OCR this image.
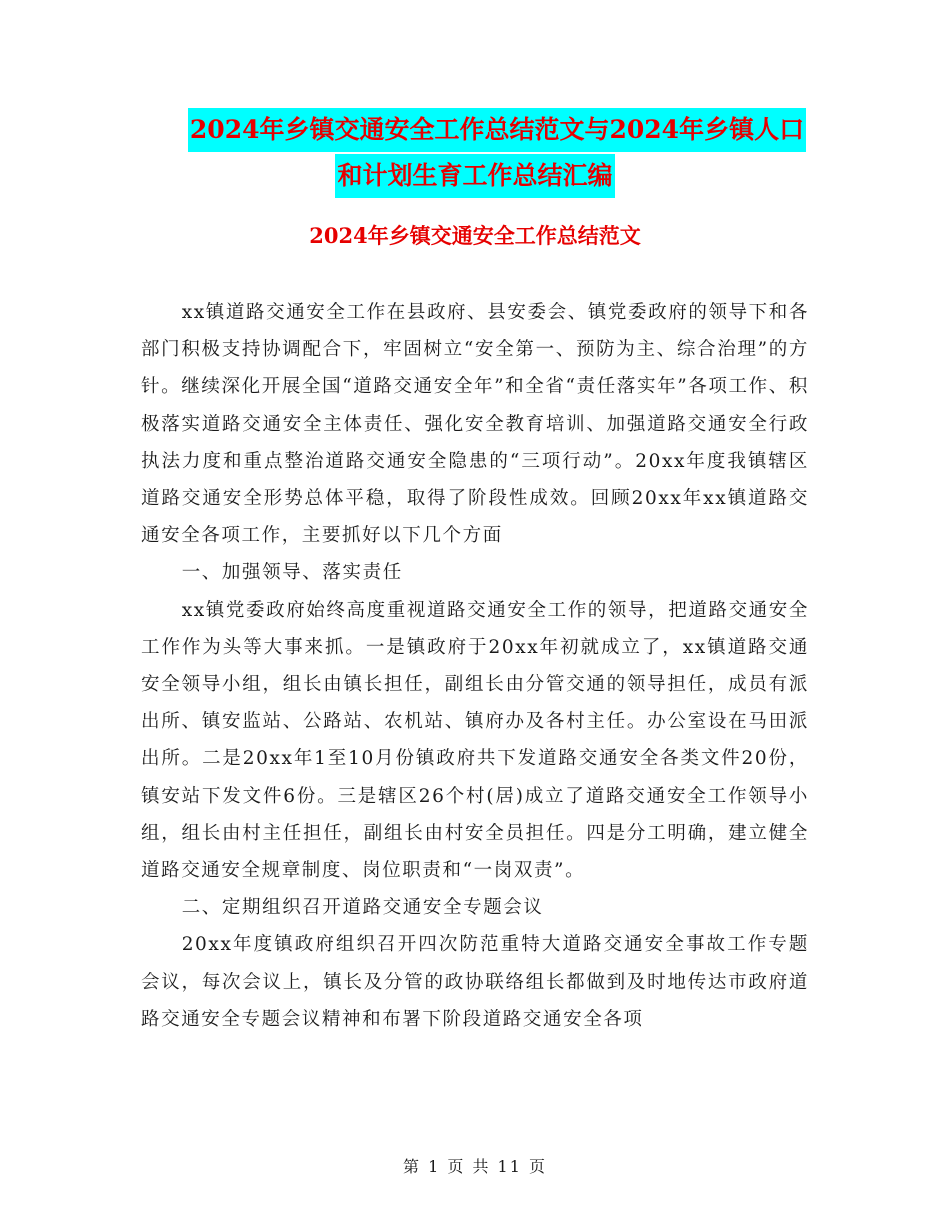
2024年乡镇交通安全工作总结范文与2024年乡镇人口
和计划生育工作总结汇编
2024年乡镇交通安全工作总结范文

xx镇道路交通安全工作在县政府、县安委会、镇党委政府的领导下和各部门积极支持协调配合下，牢固树立“安全第一、预防为主、综合治理”的方针。继续深化开展全国“道路交通安全年”和全省“责任落实年”各项工作、积极落实道路交通安全主体责任、强化安全教育培训、加强道路交通安全行政执法力度和重点整治道路交通安全隐患的“三项行动”。20xx年度我镇辖区道路交通安全形势总体平稳，取得了阶段性成效。回顾20xx年xx镇道路交通安全各项工作，主要抓好以下几个方面

一、加强领导、落实责任

xx镇党委政府始终高度重视道路交通安全工作的领导，把道路交通安全工作作为头等大事来抓。一是镇政府于20xx年初就成立了，xx镇道路交通安全领导小组，组长由镇长担任，副组长由分管交通的领导担任，成员有派出所、镇安监站、公路站、农机站、镇府办及各村主任。办公室设在马田派出所。二是20xx年1至10月份镇政府共下发道路交通安全各类文件20份，镇安站下发文件6份。三是辖区26个村(居)成立了道路交通安全工作领导小组，组长由村主任担任，副组长由村安全员担任。四是分工明确，建立健全道路交通安全规章制度、岗位职责和“一岗双责”。

二、定期组织召开道路交通安全专题会议

20xx年度镇政府组织召开四次防范重特大道路交通安全事故工作专题会议，每次会议上，镇长及分管的政协联络组长都做到及时地传达市政府道路交通安全专题会议精神和布署下阶段道路交通安全各项

第 1 页 共 11 页
